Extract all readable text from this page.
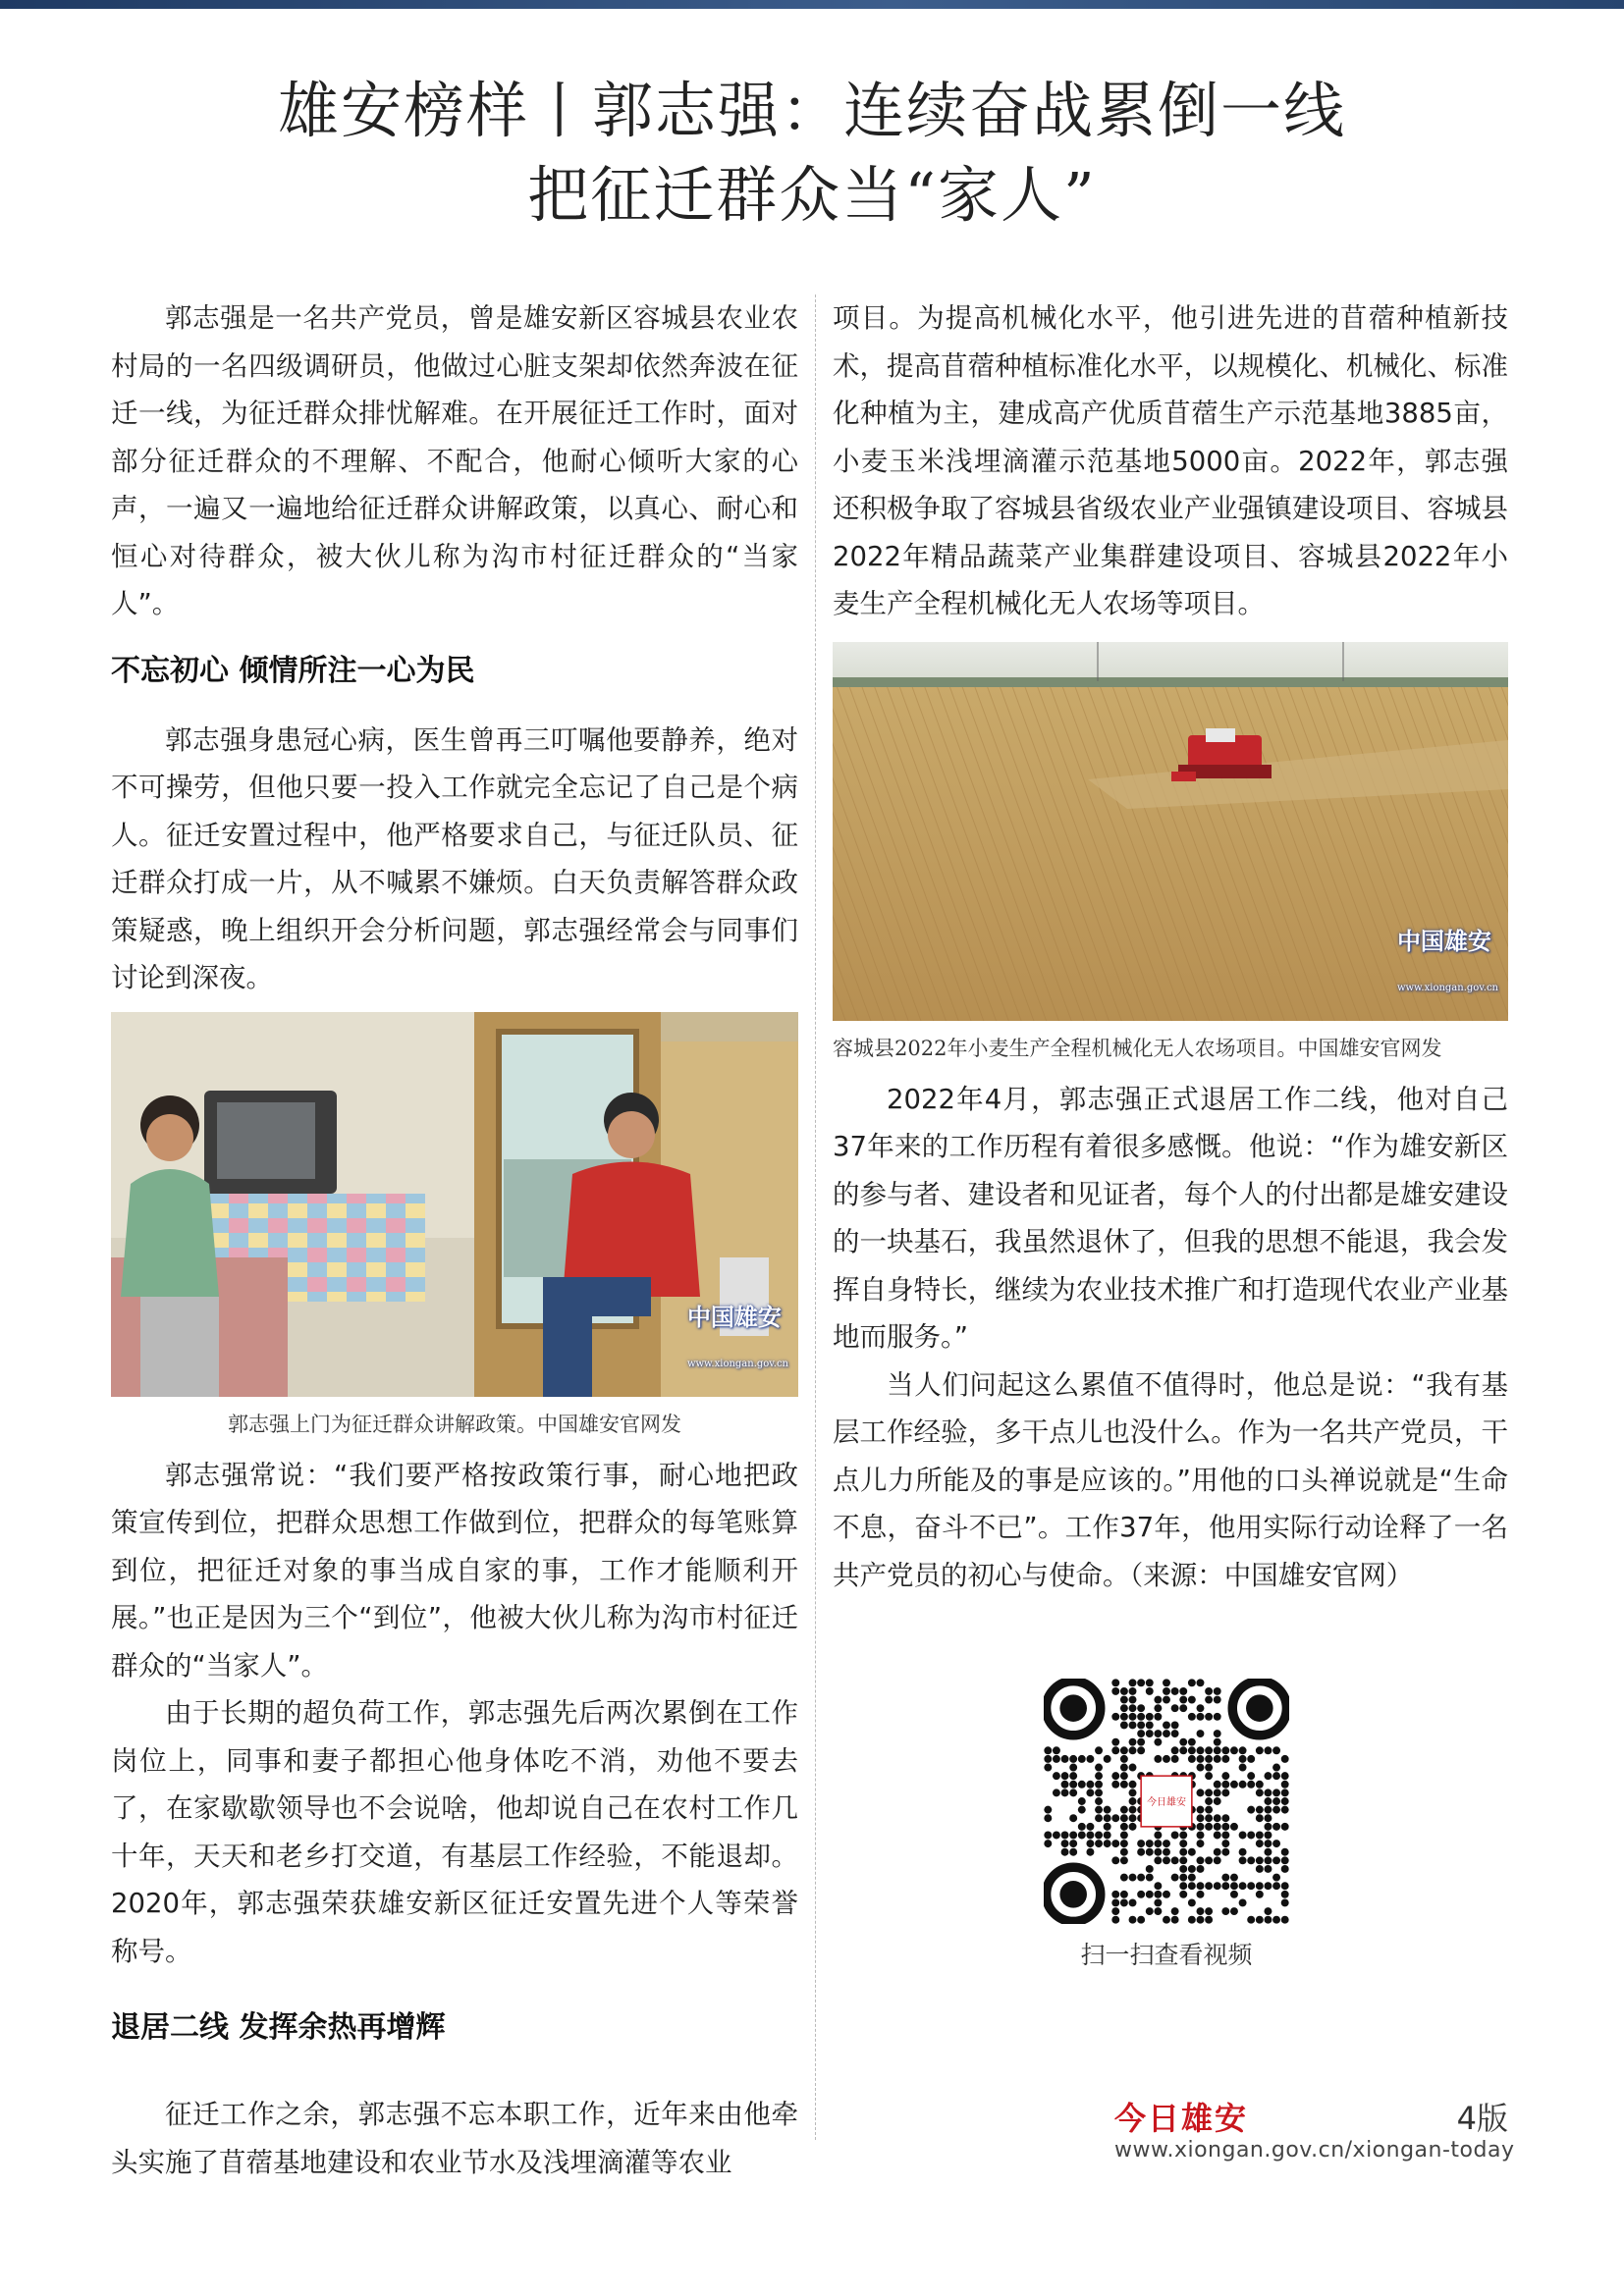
雄安榜样丨郭志强：连续奋战累倒一线
把征迁群众当“家人”

郭志强是一名共产党员，曾是雄安新区容城县农业农村局的一名四级调研员，他做过心脏支架却依然奔波在征迁一线，为征迁群众排忧解难。在开展征迁工作时，面对部分征迁群众的不理解、不配合，他耐心倾听大家的心声，一遍又一遍地给征迁群众讲解政策，以真心、耐心和恒心对待群众，被大伙儿称为沟市村征迁群众的“当家人”。

不忘初心 倾情所注一心为民

郭志强身患冠心病，医生曾再三叮嘱他要静养，绝对不可操劳，但他只要一投入工作就完全忘记了自己是个病人。征迁安置过程中，他严格要求自己，与征迁队员、征迁群众打成一片，从不喊累不嫌烦。白天负责解答群众政策疑惑，晚上组织开会分析问题，郭志强经常会与同事们讨论到深夜。

中国雄安
www.xiongan.gov.cn
郭志强上门为征迁群众讲解政策。中国雄安官网发

郭志强常说：“我们要严格按政策行事，耐心地把政策宣传到位，把群众思想工作做到位，把群众的每笔账算到位，把征迁对象的事当成自家的事，工作才能顺利开展。”也正是因为三个“到位”，他被大伙儿称为沟市村征迁群众的“当家人”。

由于长期的超负荷工作，郭志强先后两次累倒在工作岗位上，同事和妻子都担心他身体吃不消，劝他不要去了，在家歇歇领导也不会说啥，他却说自己在农村工作几十年，天天和老乡打交道，有基层工作经验，不能退却。2020年，郭志强荣获雄安新区征迁安置先进个人等荣誉称号。

退居二线 发挥余热再增辉

征迁工作之余，郭志强不忘本职工作，近年来由他牵头实施了苜蓿基地建设和农业节水及浅埋滴灌等农业

项目。为提高机械化水平，他引进先进的苜蓿种植新技术，提高苜蓿种植标准化水平，以规模化、机械化、标准化种植为主，建成高产优质苜蓿生产示范基地3885亩，小麦玉米浅埋滴灌示范基地5000亩。2022年，郭志强还积极争取了容城县省级农业产业强镇建设项目、容城县2022年精品蔬菜产业集群建设项目、容城县2022年小麦生产全程机械化无人农场等项目。

中国雄安
www.xiongan.gov.cn
容城县2022年小麦生产全程机械化无人农场项目。中国雄安官网发

2022年4月，郭志强正式退居工作二线，他对自己37年来的工作历程有着很多感慨。他说：“作为雄安新区的参与者、建设者和见证者，每个人的付出都是雄安建设的一块基石，我虽然退休了，但我的思想不能退，我会发挥自身特长，继续为农业技术推广和打造现代农业产业基地而服务。”

当人们问起这么累值不值得时，他总是说：“我有基层工作经验，多干点儿也没什么。作为一名共产党员，干点儿力所能及的事是应该的。”用他的口头禅说就是“生命不息，奋斗不已”。工作37年，他用实际行动诠释了一名共产党员的初心与使命。（来源：中国雄安官网）

今日雄安
扫一扫查看视频
今日雄安	4版
www.xiongan.gov.cn/xiongan-today
